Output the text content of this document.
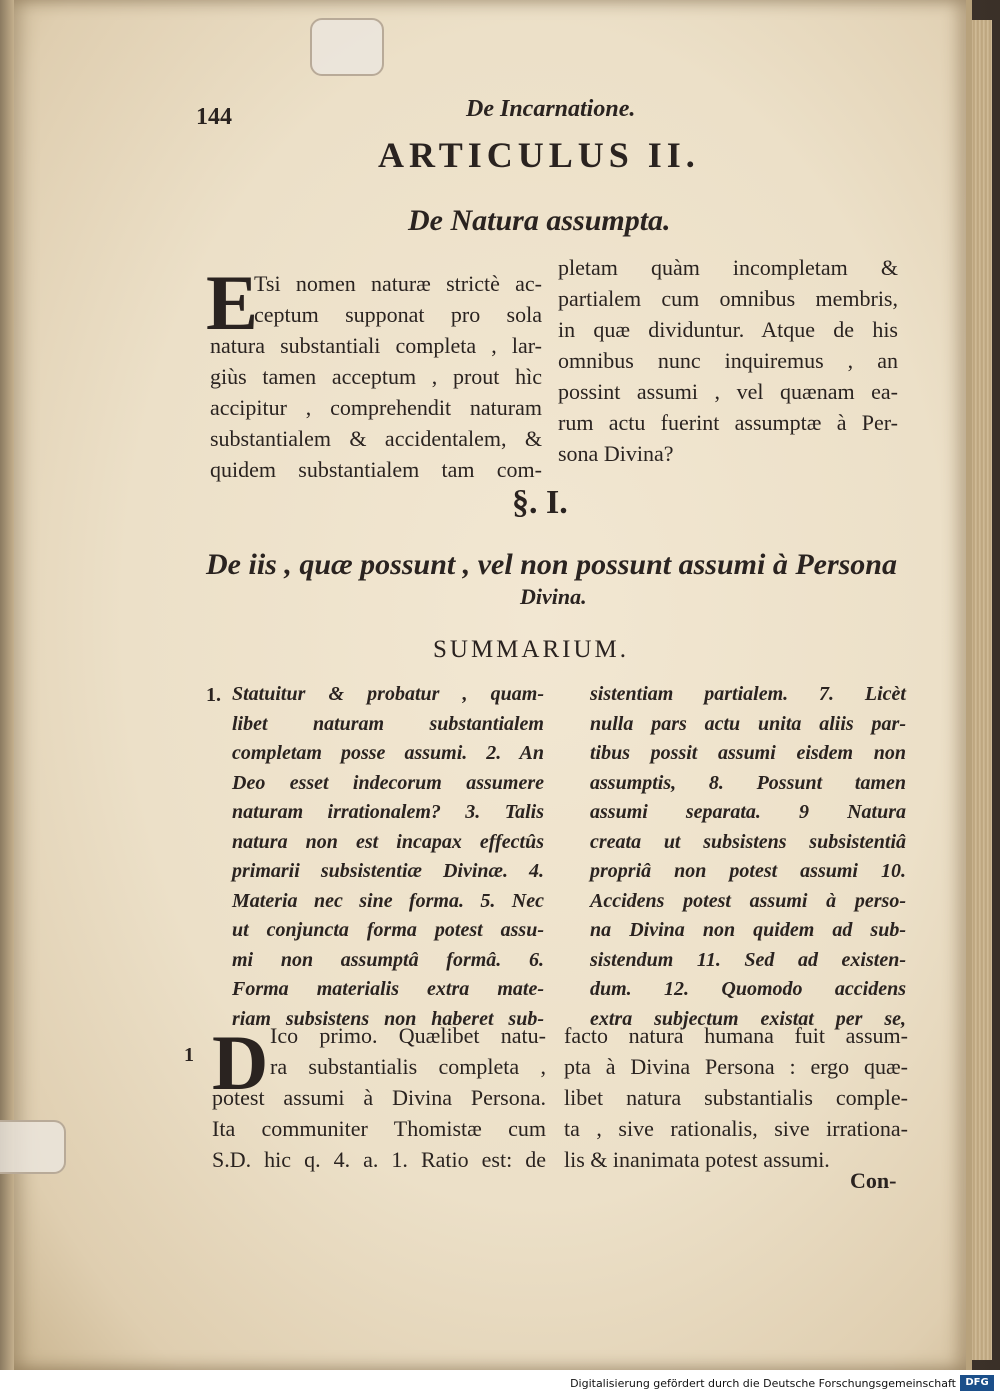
144	De Incarnatione.
ARTICULUS II.
De Natura assumpta.
E
Tsi nomen naturæ strictè ac-
ceptum supponat pro sola
natura substantiali completa , lar-
giùs tamen acceptum , prout hìc
accipitur , comprehendit naturam
substantialem & accidentalem, &
quidem substantialem tam com-
pletam quàm incompletam &
partialem cum omnibus membris,
in quæ dividuntur. Atque de his
omnibus nunc inquiremus , an
possint assumi , vel quænam ea-
rum actu fuerint assumptæ à Per-
sona Divina?
§. I.
De iis , quæ possunt , vel non possunt assumi à Persona
Divina.
SUMMARIUM.
1. Statuitur & probatur , quam-
libet naturam substantialem
completam posse assumi. 2. An
Deo esset indecorum assumere
naturam irrationalem? 3. Talis
natura non est incapax effectûs
primarii subsistentiæ Divinæ. 4.
Materia nec sine forma. 5. Nec
ut conjuncta forma potest assu-
mi non assumptâ formâ. 6.
Forma materialis extra mate-
riam subsistens non haberet sub-
sistentiam partialem. 7. Licèt
nulla pars actu unita aliis par-
tibus possit assumi eisdem non
assumptis, 8. Possunt tamen
assumi separata. 9 Natura
creata ut subsistens subsistentiâ
propriâ non potest assumi 10.
Accidens potest assumi à perso-
na Divina non quidem ad sub-
sistendum 11. Sed ad existen-
dum. 12. Quomodo accidens
extra subjectum existat per se,
1 D Ico primo. Quælibet natu-
ra substantialis completa ,
potest assumi à Divina Persona.
Ita communiter Thomistæ cum
S.D. hic q. 4. a. 1. Ratio est: de
facto natura humana fuit assum-
pta à Divina Persona : ergo quæ-
libet natura substantialis comple-
ta , sive rationalis, sive irrationa-
lis & inanimata potest assumi.
Con-
Digitalisierung gefördert durch die Deutsche Forschungsgemeinschaft DFG
